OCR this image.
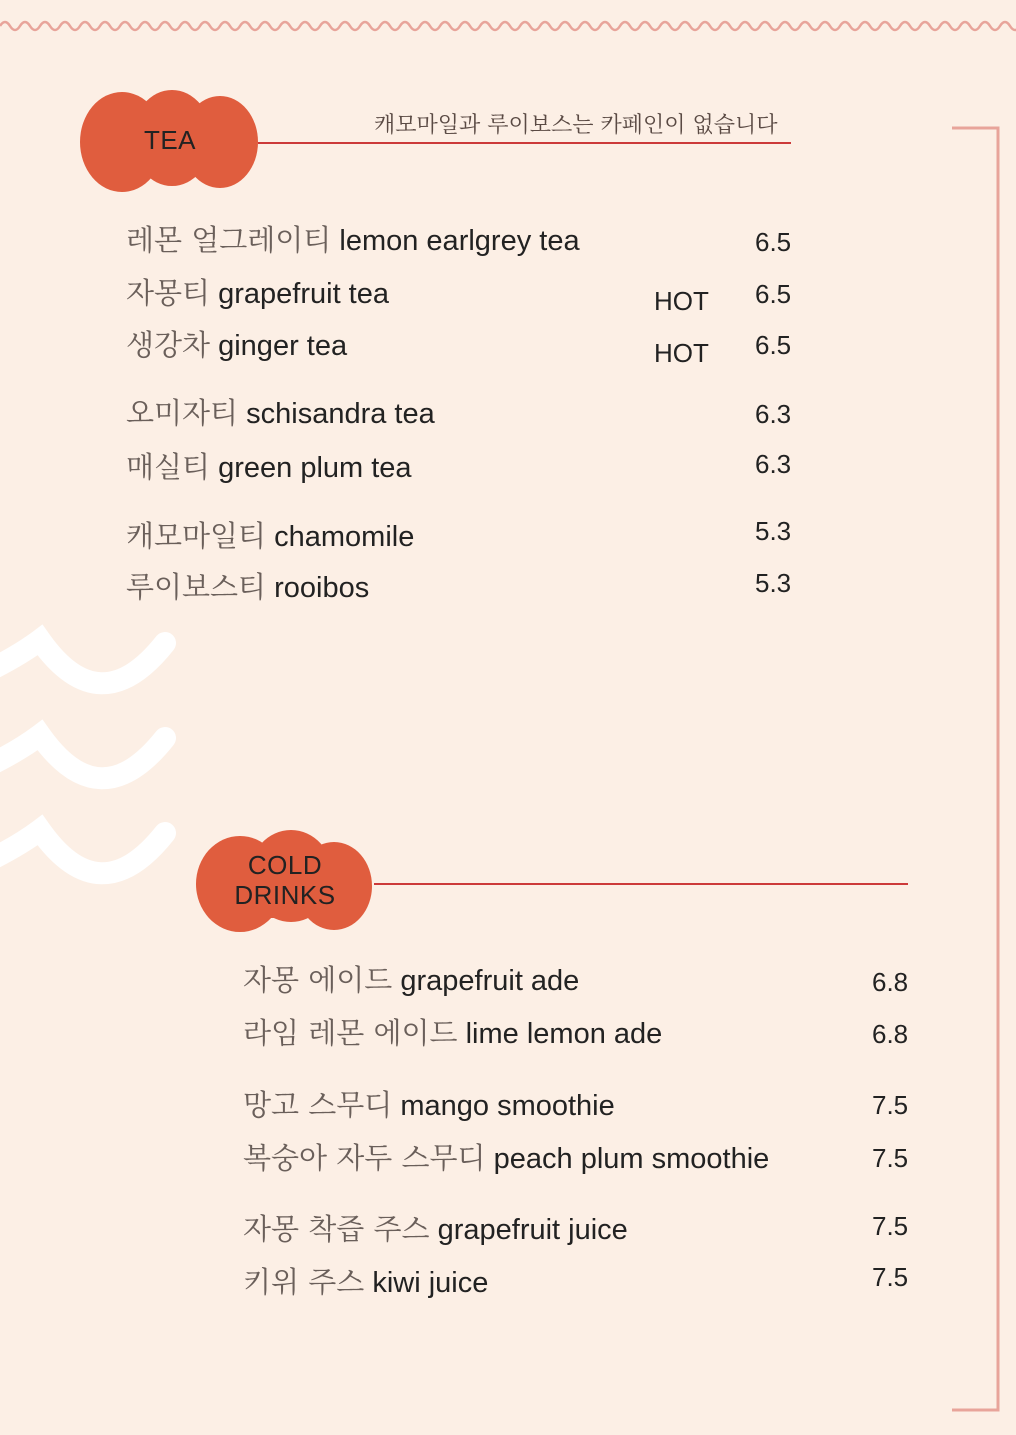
TEA	캐모마일과 루이보스는 카페인이 없습니다
레몬 얼그레이티 lemon earlgrey tea	6.5
자몽티 grapefruit tea	HOT 6.5
생강차 ginger tea	HOT 6.5
오미자티 schisandra tea	6.3
매실티 green plum tea	6.3
캐모마일티 chamomile	5.3
루이보스티 rooibos	5.3
COLD
DRINKS
자몽 에이드 grapefruit ade	6.8
라임 레몬 에이드 lime lemon ade	6.8
망고 스무디 mango smoothie	7.5
복숭아 자두 스무디 peach plum smoothie	7.5
자몽 착즙 주스 grapefruit juice	7.5
키위 주스 kiwi juice	7.5
